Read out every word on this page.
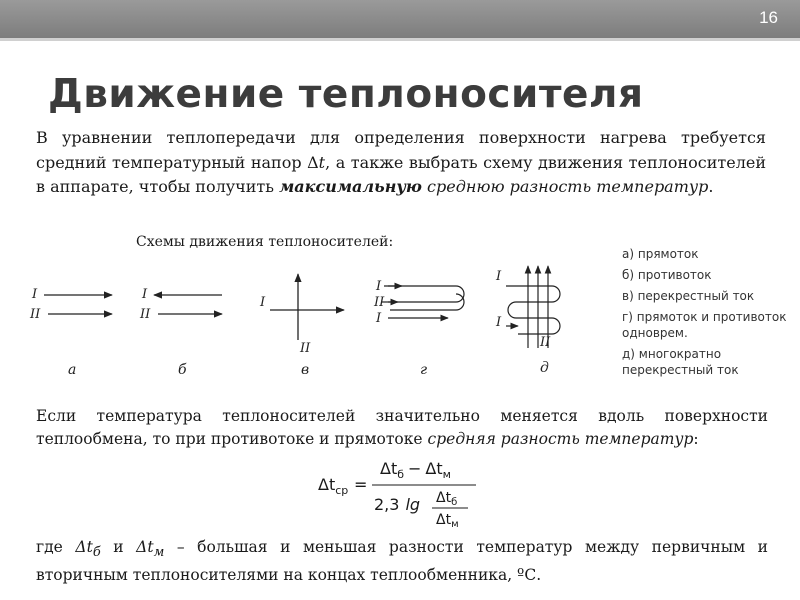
16
Движение теплоносителя
В уравнении теплопередачи для определения поверхности нагрева требуется средний температурный напор Δt, а также выбрать схему движения теплоносителей в аппарате, чтобы получить максимальную среднюю разность температур.
Схемы движения теплоносителей:
I
II
а
I
II
б
I
II
в
I
II
I
г
I
I
II
д
а) прямоток
б) противоток
в) перекрестный ток
г) прямоток и противоток одноврем.
д) многократно перекрестный ток
Если температура теплоносителей значительно меняется вдоль поверхности теплообмена, то при противотоке и прямотоке средняя разность температур:
$\Delta t_{ср}$ =
$\Delta t_б - \Delta t_м$
2,3 $\lg \Delta t_б$
$\Delta t_м$
где $\Delta t_б$ и $\Delta t_м$ – большая и меньшая разности температур между первичным и вторичным теплоносителями на концах теплообменника, ºС.
